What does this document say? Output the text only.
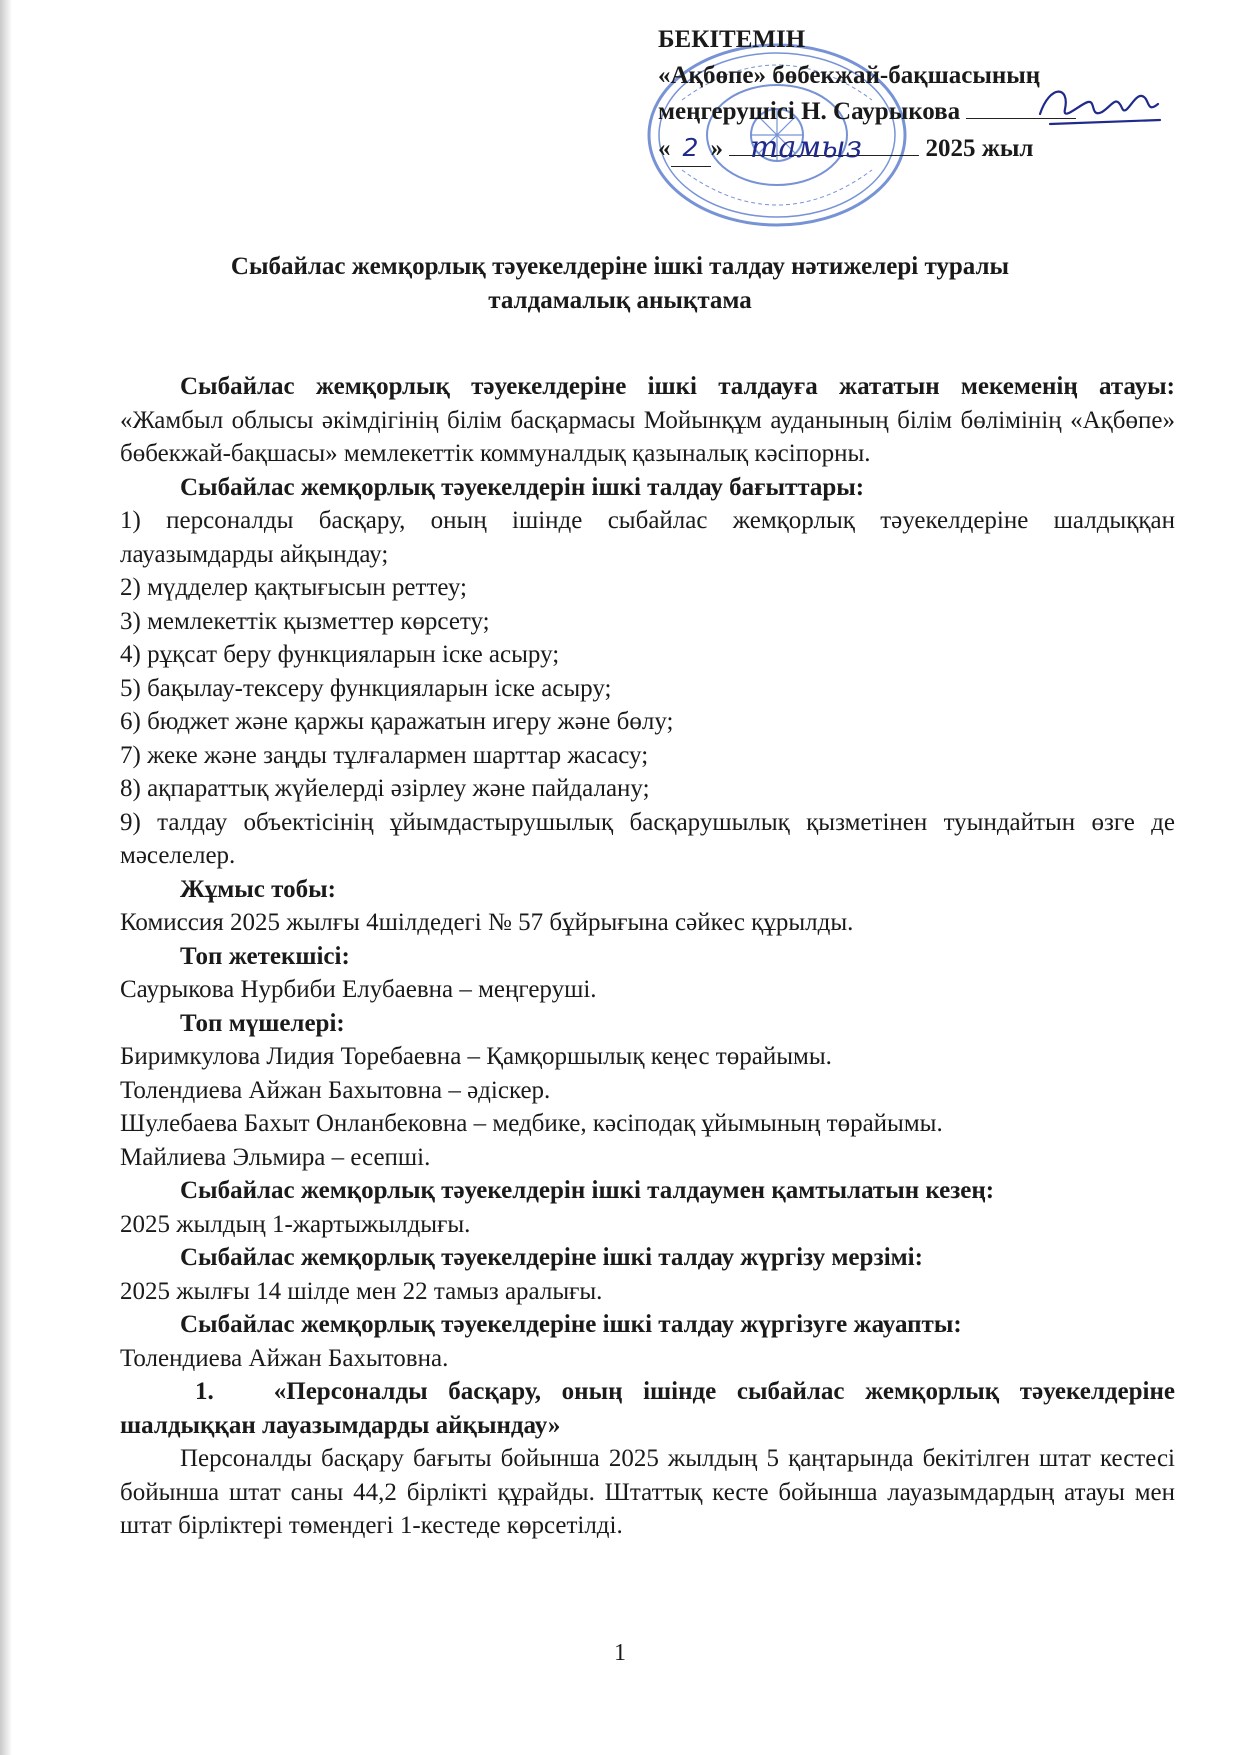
БЕКІТЕМІН
«Ақбөпе» бөбекжай-бақшасының
меңгерушісі Н. Саурыкова
« 2 »	2025 жыл
тамыз
Сыбайлас жемқорлық тәуекелдеріне ішкі талдау нәтижелері туралы
талдамалық анықтама

Сыбайлас жемқорлық тәуекелдеріне ішкі талдауға жататын мекеменің атауы: «Жамбыл облысы әкімдігінің білім басқармасы Мойынқұм ауданының білім бөлімінің «Ақбөпе» бөбекжай-бақшасы» мемлекеттік коммуналдық қазыналық кәсіпорны.

Сыбайлас жемқорлық тәуекелдерін ішкі талдау бағыттары:

1) персоналды басқару, оның ішінде сыбайлас жемқорлық тәуекелдеріне шалдыққан лауазымдарды айқындау;

2) мүдделер қақтығысын реттеу;

3) мемлекеттік қызметтер көрсету;

4) рұқсат беру функцияларын іске асыру;

5) бақылау-тексеру функцияларын іске асыру;

6) бюджет және қаржы қаражатын игеру және бөлу;

7) жеке және заңды тұлғалармен шарттар жасасу;

8) ақпараттық жүйелерді әзірлеу және пайдалану;

9) талдау объектісінің ұйымдастырушылық басқарушылық қызметінен туындайтын өзге де мәселелер.

Жұмыс тобы:

Комиссия 2025 жылғы 4шілдедегі № 57 бұйрығына сәйкес құрылды.

Топ жетекшісі:

Саурыкова Нурбиби Елубаевна – меңгеруші.

Топ мүшелері:

Биримкулова Лидия Торебаевна – Қамқоршылық кеңес төрайымы.

Толендиева Айжан Бахытовна – әдіскер.

Шулебаева Бахыт Онланбековна – медбике, кәсіподақ ұйымының төрайымы.

Майлиева Эльмира – есепші.

Сыбайлас жемқорлық тәуекелдерін ішкі талдаумен қамтылатын кезең:

2025 жылдың 1-жартыжылдығы.

Сыбайлас жемқорлық тәуекелдеріне ішкі талдау жүргізу мерзімі:

2025 жылғы 14 шілде мен 22 тамыз аралығы.

Сыбайлас жемқорлық тәуекелдеріне ішкі талдау жүргізуге жауапты:

Толендиева Айжан Бахытовна.

1. «Персоналды басқару, оның ішінде сыбайлас жемқорлық тәуекелдеріне шалдыққан лауазымдарды айқындау»

Персоналды басқару бағыты бойынша 2025 жылдың 5 қаңтарында бекітілген штат кестесі бойынша штат саны 44,2 бірлікті құрайды. Штаттық кесте бойынша лауазымдардың атауы мен штат бірліктері төмендегі 1-кестеде көрсетілді.

1
